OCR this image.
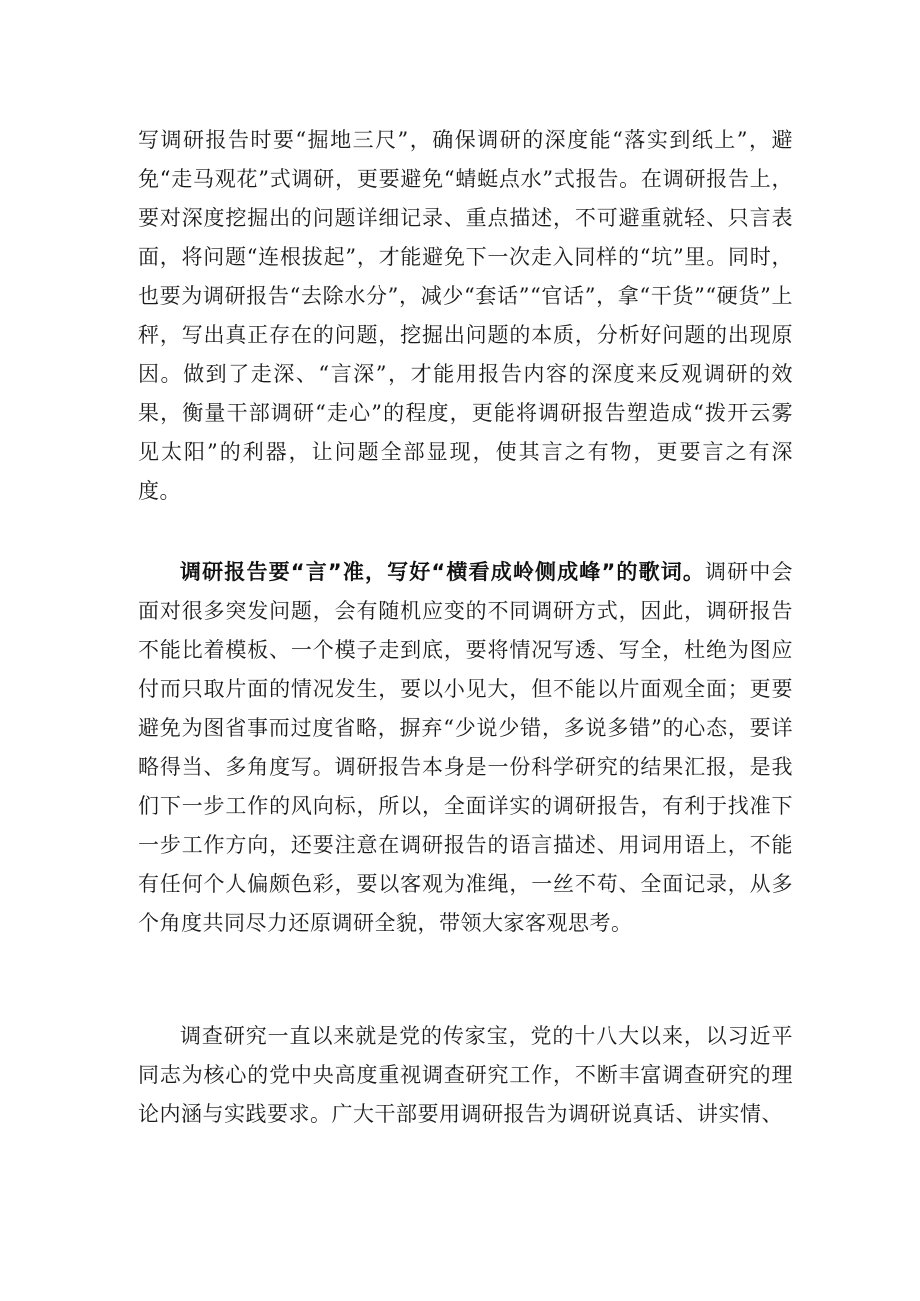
写调研报告时要“掘地三尺”，确保调研的深度能“落实到纸上”，避免“走马观花”式调研，更要避免“蜻蜓点水”式报告。在调研报告上，要对深度挖掘出的问题详细记录、重点描述，不可避重就轻、只言表面，将问题“连根拔起”，才能避免下一次走入同样的“坑”里。同时，也要为调研报告“去除水分”，减少“套话”“官话”，拿“干货”“硬货”上秤，写出真正存在的问题，挖掘出问题的本质，分析好问题的出现原因。做到了走深、“言深”，才能用报告内容的深度来反观调研的效果，衡量干部调研“走心”的程度，更能将调研报告塑造成“拨开云雾见太阳”的利器，让问题全部显现，使其言之有物，更要言之有深度。

调研报告要“言”准，写好“横看成岭侧成峰”的歌词。调研中会面对很多突发问题，会有随机应变的不同调研方式，因此，调研报告不能比着模板、一个模子走到底，要将情况写透、写全，杜绝为图应付而只取片面的情况发生，要以小见大，但不能以片面观全面；更要避免为图省事而过度省略，摒弃“少说少错，多说多错”的心态，要详略得当、多角度写。调研报告本身是一份科学研究的结果汇报，是我们下一步工作的风向标，所以，全面详实的调研报告，有利于找准下一步工作方向，还要注意在调研报告的语言描述、用词用语上，不能有任何个人偏颇色彩，要以客观为准绳，一丝不苟、全面记录，从多个角度共同尽力还原调研全貌，带领大家客观思考。

调查研究一直以来就是党的传家宝，党的十八大以来，以习近平同志为核心的党中央高度重视调查研究工作，不断丰富调查研究的理论内涵与实践要求。广大干部要用调研报告为调研说真话、讲实情、
